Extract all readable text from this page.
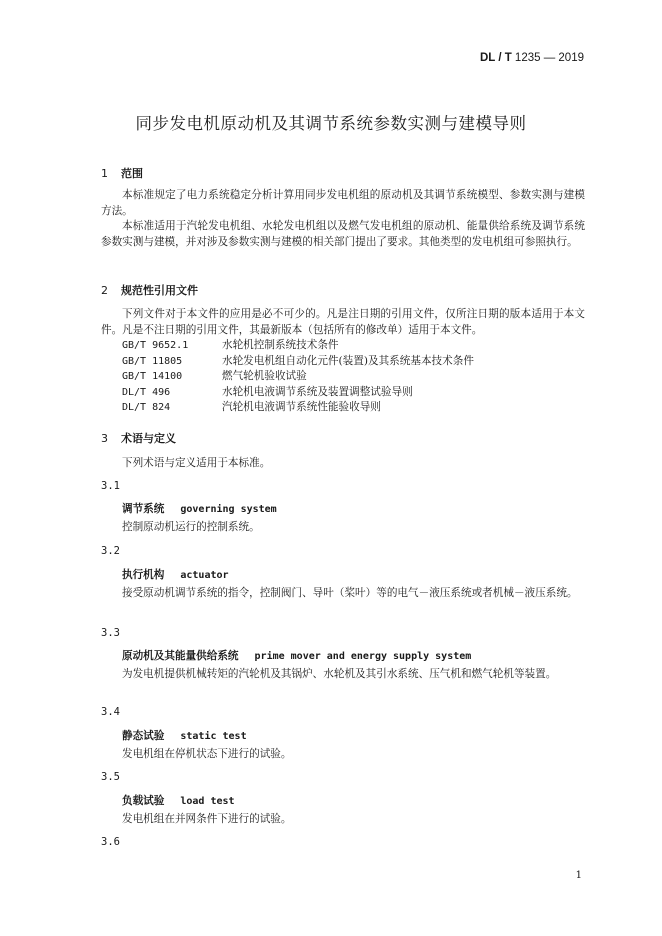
DL / T 1235 — 2019
同步发电机原动机及其调节系统参数实测与建模导则
1 范围
本标准规定了电力系统稳定分析计算用同步发电机组的原动机及其调节系统模型、参数实测与建模方法。
本标准适用于汽轮发电机组、水轮发电机组以及燃气发电机组的原动机、能量供给系统及调节系统参数实测与建模，并对涉及参数实测与建模的相关部门提出了要求。其他类型的发电机组可参照执行。
2 规范性引用文件
下列文件对于本文件的应用是必不可少的。凡是注日期的引用文件，仅所注日期的版本适用于本文件。凡是不注日期的引用文件，其最新版本（包括所有的修改单）适用于本文件。
GB/T 9652.1	水轮机控制系统技术条件
GB/T 11805	水轮发电机组自动化元件(装置)及其系统基本技术条件
GB/T 14100	燃气轮机验收试验
DL/T 496	水轮机电液调节系统及装置调整试验导则
DL/T 824	汽轮机电液调节系统性能验收导则
3 术语与定义
下列术语与定义适用于本标准。
3.1
调节系统 governing system
控制原动机运行的控制系统。
3.2
执行机构 actuator
接受原动机调节系统的指令，控制阀门、导叶（桨叶）等的电气－液压系统或者机械－液压系统。
3.3
原动机及其能量供给系统 prime mover and energy supply system
为发电机提供机械转矩的汽轮机及其锅炉、水轮机及其引水系统、压气机和燃气轮机等装置。
3.4
静态试验 static test
发电机组在停机状态下进行的试验。
3.5
负载试验 load test
发电机组在并网条件下进行的试验。
3.6
1
